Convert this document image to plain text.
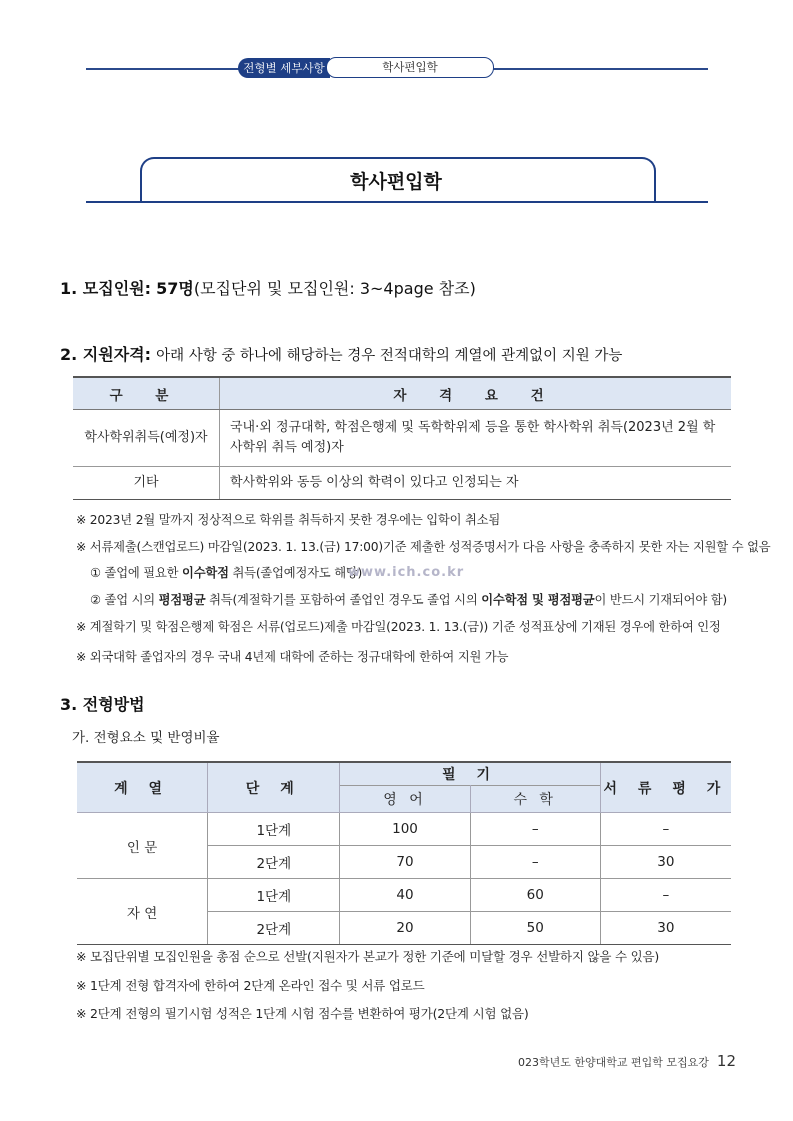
전형별 세부사항	학사편입학
학사편입학
1. 모집인원: 57명(모집단위 및 모집인원: 3~4page 참조)
2. 지원자격: 아래 사항 중 하나에 해당하는 경우 전적대학의 계열에 관계없이 지원 가능
구 분	자 격 요 건
학사학위취득(예정)자	국내·외 정규대학, 학점은행제 및 독학학위제 등을 통한 학사학위 취득(2023년 2월 학사학위 취득 예정)자
기타	학사학위와 동등 이상의 학력이 있다고 인정되는 자
※ 2023년 2월 말까지 정상적으로 학위를 취득하지 못한 경우에는 입학이 취소됨
※ 서류제출(스캔업로드) 마감일(2023. 1. 13.(금) 17:00)기준 제출한 성적증명서가 다음 사항을 충족하지 못한 자는 지원할 수 없음
① 졸업에 필요한 이수학점 취득(졸업예정자도 해당)
② 졸업 시의 평점평균 취득(계절학기를 포함하여 졸업인 경우도 졸업 시의 이수학점 및 평점평균이 반드시 기재되어야 함)
※ 계절학기 및 학점은행제 학점은 서류(업로드)제출 마감일(2023. 1. 13.(금)) 기준 성적표상에 기재된 경우에 한하여 인정
※ 외국대학 졸업자의 경우 국내 4년제 대학에 준하는 정규대학에 한하여 지원 가능
www.ich.co.kr
3. 전형방법
가. 전형요소 및 반영비율
계 열	단 계	필 기		서 류 평 가
		영 어	수 학	
인 문	1단계	100	–	–
	2단계	70	–	30
자 연	1단계	40	60	–
	2단계	20	50	30
※ 모집단위별 모집인원을 총점 순으로 선발(지원자가 본교가 정한 기준에 미달할 경우 선발하지 않을 수 있음)
※ 1단계 전형 합격자에 한하여 2단계 온라인 접수 및 서류 업로드
※ 2단계 전형의 필기시험 성적은 1단계 시험 점수를 변환하여 평가(2단계 시험 없음)
023학년도 한양대학교 편입학 모집요강 12
